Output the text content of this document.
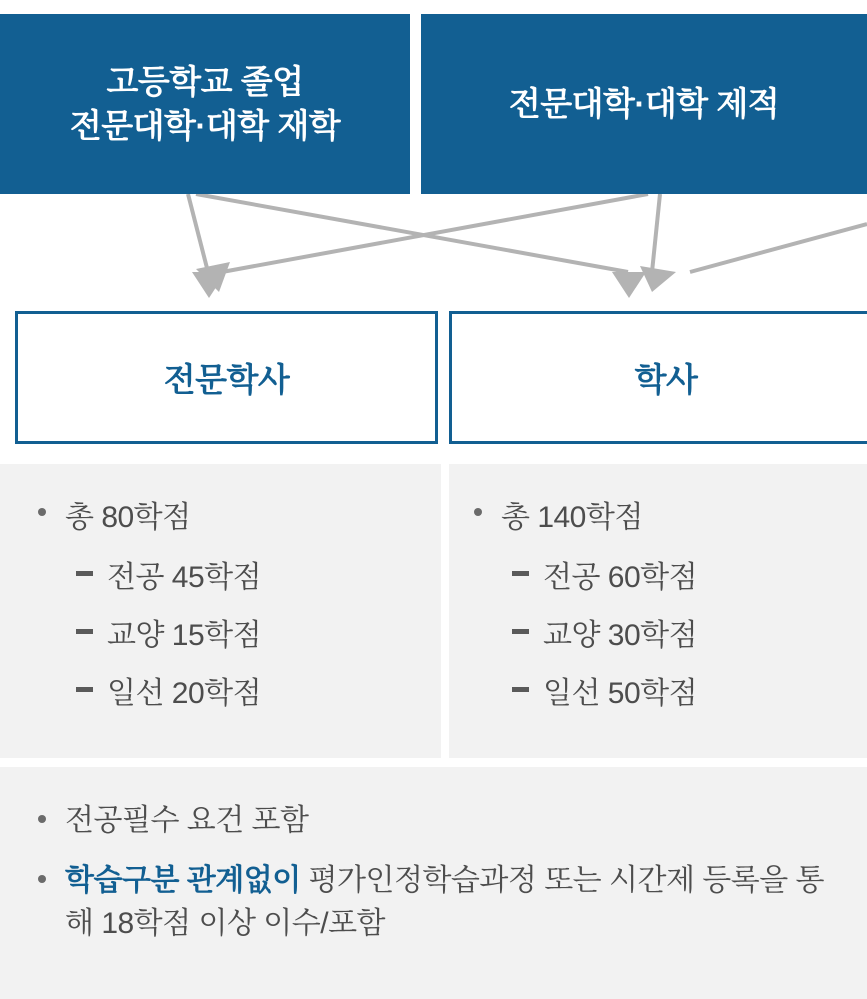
고등학교 졸업
전문대학·대학 재학
전문대학·대학 제적
전문학사	학사
총 80학점
전공 45학점
교양 15학점
일선 20학점
총 140학점
전공 60학점
교양 30학점
일선 50학점
전공필수 요건 포함
학습구분 관계없이 평가인정학습과정 또는 시간제 등록을 통해 18학점 이상 이수/포함
